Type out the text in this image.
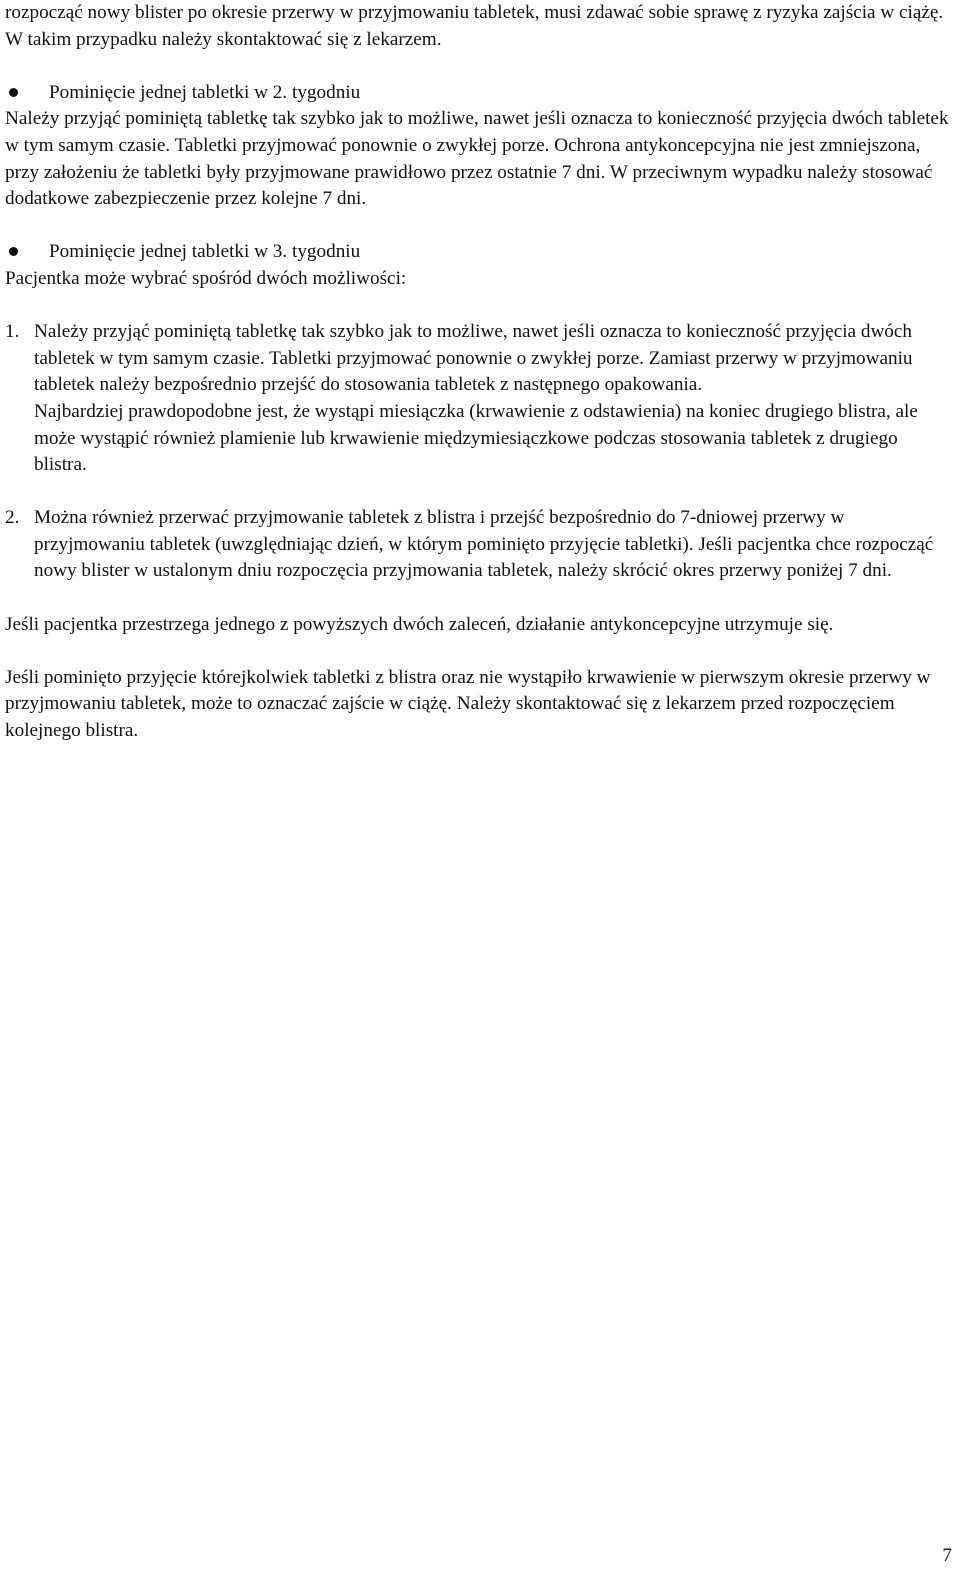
rozpocząć nowy blister po okresie przerwy w przyjmowaniu tabletek, musi zdawać sobie sprawę z ryzyka zajścia w ciążę. W takim przypadku należy skontaktować się z lekarzem.

Pominięcie jednej tabletki w 2. tygodniu

Należy przyjąć pominiętą tabletkę tak szybko jak to możliwe, nawet jeśli oznacza to konieczność przyjęcia dwóch tabletek w tym samym czasie. Tabletki przyjmować ponownie o zwykłej porze. Ochrona antykoncepcyjna nie jest zmniejszona, przy założeniu że tabletki były przyjmowane prawidłowo przez ostatnie 7 dni. W przeciwnym wypadku należy stosować dodatkowe zabezpieczenie przez kolejne 7 dni.

Pominięcie jednej tabletki w 3. tygodniu

Pacjentka może wybrać spośród dwóch możliwości:

1. Należy przyjąć pominiętą tabletkę tak szybko jak to możliwe, nawet jeśli oznacza to konieczność przyjęcia dwóch tabletek w tym samym czasie. Tabletki przyjmować ponownie o zwykłej porze. Zamiast przerwy w przyjmowaniu tabletek należy bezpośrednio przejść do stosowania tabletek z następnego opakowania.

Najbardziej prawdopodobne jest, że wystąpi miesiączka (krwawienie z odstawienia) na koniec drugiego blistra, ale może wystąpić również plamienie lub krwawienie międzymiesiączkowe podczas stosowania tabletek z drugiego blistra.

2. Można również przerwać przyjmowanie tabletek z blistra i przejść bezpośrednio do 7-dniowej przerwy w przyjmowaniu tabletek (uwzględniając dzień, w którym pominięto przyjęcie tabletki). Jeśli pacjentka chce rozpocząć nowy blister w ustalonym dniu rozpoczęcia przyjmowania tabletek, należy skrócić okres przerwy poniżej 7 dni.

Jeśli pacjentka przestrzega jednego z powyższych dwóch zaleceń, działanie antykoncepcyjne utrzymuje się.

Jeśli pominięto przyjęcie którejkolwiek tabletki z blistra oraz nie wystąpiło krwawienie w pierwszym okresie przerwy w przyjmowaniu tabletek, może to oznaczać zajście w ciążę. Należy skontaktować się z lekarzem przed rozpoczęciem kolejnego blistra.

7
